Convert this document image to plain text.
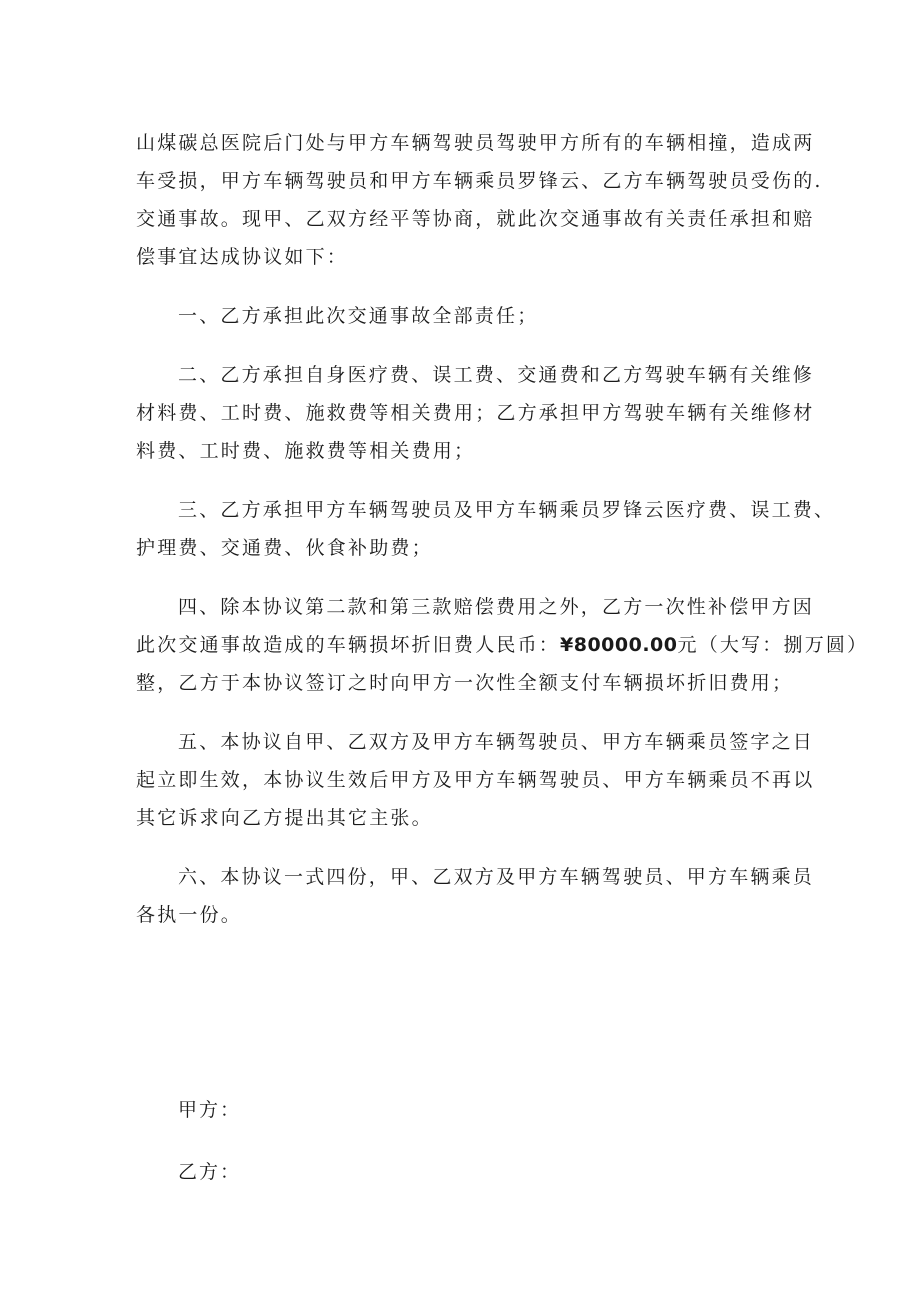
山煤碳总医院后门处与甲方车辆驾驶员驾驶甲方所有的车辆相撞，造成两
车受损，甲方车辆驾驶员和甲方车辆乘员罗锋云、乙方车辆驾驶员受伤的.
交通事故。现甲、乙双方经平等协商，就此次交通事故有关责任承担和赔
偿事宜达成协议如下：
一、乙方承担此次交通事故全部责任；
二、乙方承担自身医疗费、误工费、交通费和乙方驾驶车辆有关维修
材料费、工时费、施救费等相关费用；乙方承担甲方驾驶车辆有关维修材
料费、工时费、施救费等相关费用；
三、乙方承担甲方车辆驾驶员及甲方车辆乘员罗锋云医疗费、误工费、
护理费、交通费、伙食补助费；
四、除本协议第二款和第三款赔偿费用之外，乙方一次性补偿甲方因
此次交通事故造成的车辆损坏折旧费人民币：¥80000.00元（大写：捌万圆）
整，乙方于本协议签订之时向甲方一次性全额支付车辆损坏折旧费用；
五、本协议自甲、乙双方及甲方车辆驾驶员、甲方车辆乘员签字之日
起立即生效，本协议生效后甲方及甲方车辆驾驶员、甲方车辆乘员不再以
其它诉求向乙方提出其它主张。
六、本协议一式四份，甲、乙双方及甲方车辆驾驶员、甲方车辆乘员
各执一份。
甲方：
乙方：
